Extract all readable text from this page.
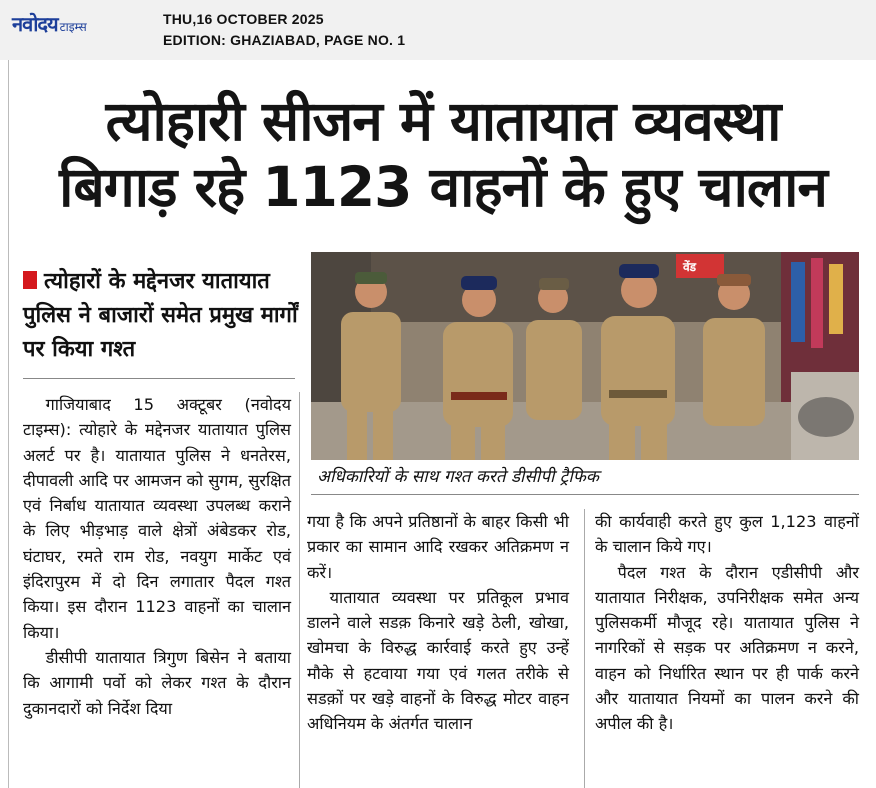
नवोदय टाइम्स	THU,16 OCTOBER 2025
EDITION: GHAZIABAD, PAGE NO. 1
त्योहारी सीजन में यातायात व्यवस्था
बिगाड़ रहे 1123 वाहनों के हुए चालान
त्योहारों के मद्देनजर यातायात पुलिस ने बाजारों समेत प्रमुख मार्गों पर किया गश्त
वेंड
अधिकारियों के साथ गश्त करते डीसीपी ट्रैफिक

गाजियाबाद 15 अक्टूबर (नवोदय टाइम्स): त्योहारे के मद्देनजर यातायात पुलिस अलर्ट पर है। यातायात पुलिस ने धनतेरस, दीपावली आदि पर आमजन को सुगम, सुरक्षित एवं निर्बाध यातायात व्यवस्था उपलब्ध कराने के लिए भीड़भाड़ वाले क्षेत्रों अंबेडकर रोड, घंटाघर, रमते राम रोड, नवयुग मार्केट एवं इंदिरापुरम में दो दिन लगातार पैदल गश्त किया। इस दौरान 1123 वाहनों का चालान किया।

डीसीपी यातायात त्रिगुण बिसेन ने बताया कि आगामी पर्वो को लेकर गश्त के दौरान दुकानदारों को निर्देश दिया

गया है कि अपने प्रतिष्ठानों के बाहर किसी भी प्रकार का सामान आदि रखकर अतिक्रमण न करें।

यातायात व्यवस्था पर प्रतिकूल प्रभाव डालने वाले सडक़ किनारे खड़े ठेली, खोखा, खोमचा के विरुद्ध कार्रवाई करते हुए उन्हें मौके से हटवाया गया एवं गलत तरीके से सडक़ों पर खड़े वाहनों के विरुद्ध मोटर वाहन अधिनियम के अंतर्गत चालान

की कार्यवाही करते हुए कुल 1,123 वाहनों के चालान किये गए।

पैदल गश्त के दौरान एडीसीपी और यातायात निरीक्षक, उपनिरीक्षक समेत अन्य पुलिसकर्मी मौजूद रहे। यातायात पुलिस ने नागरिकों से सड़क पर अतिक्रमण न करने, वाहन को निर्धारित स्थान पर ही पार्क करने और यातायात नियमों का पालन करने की अपील की है।
